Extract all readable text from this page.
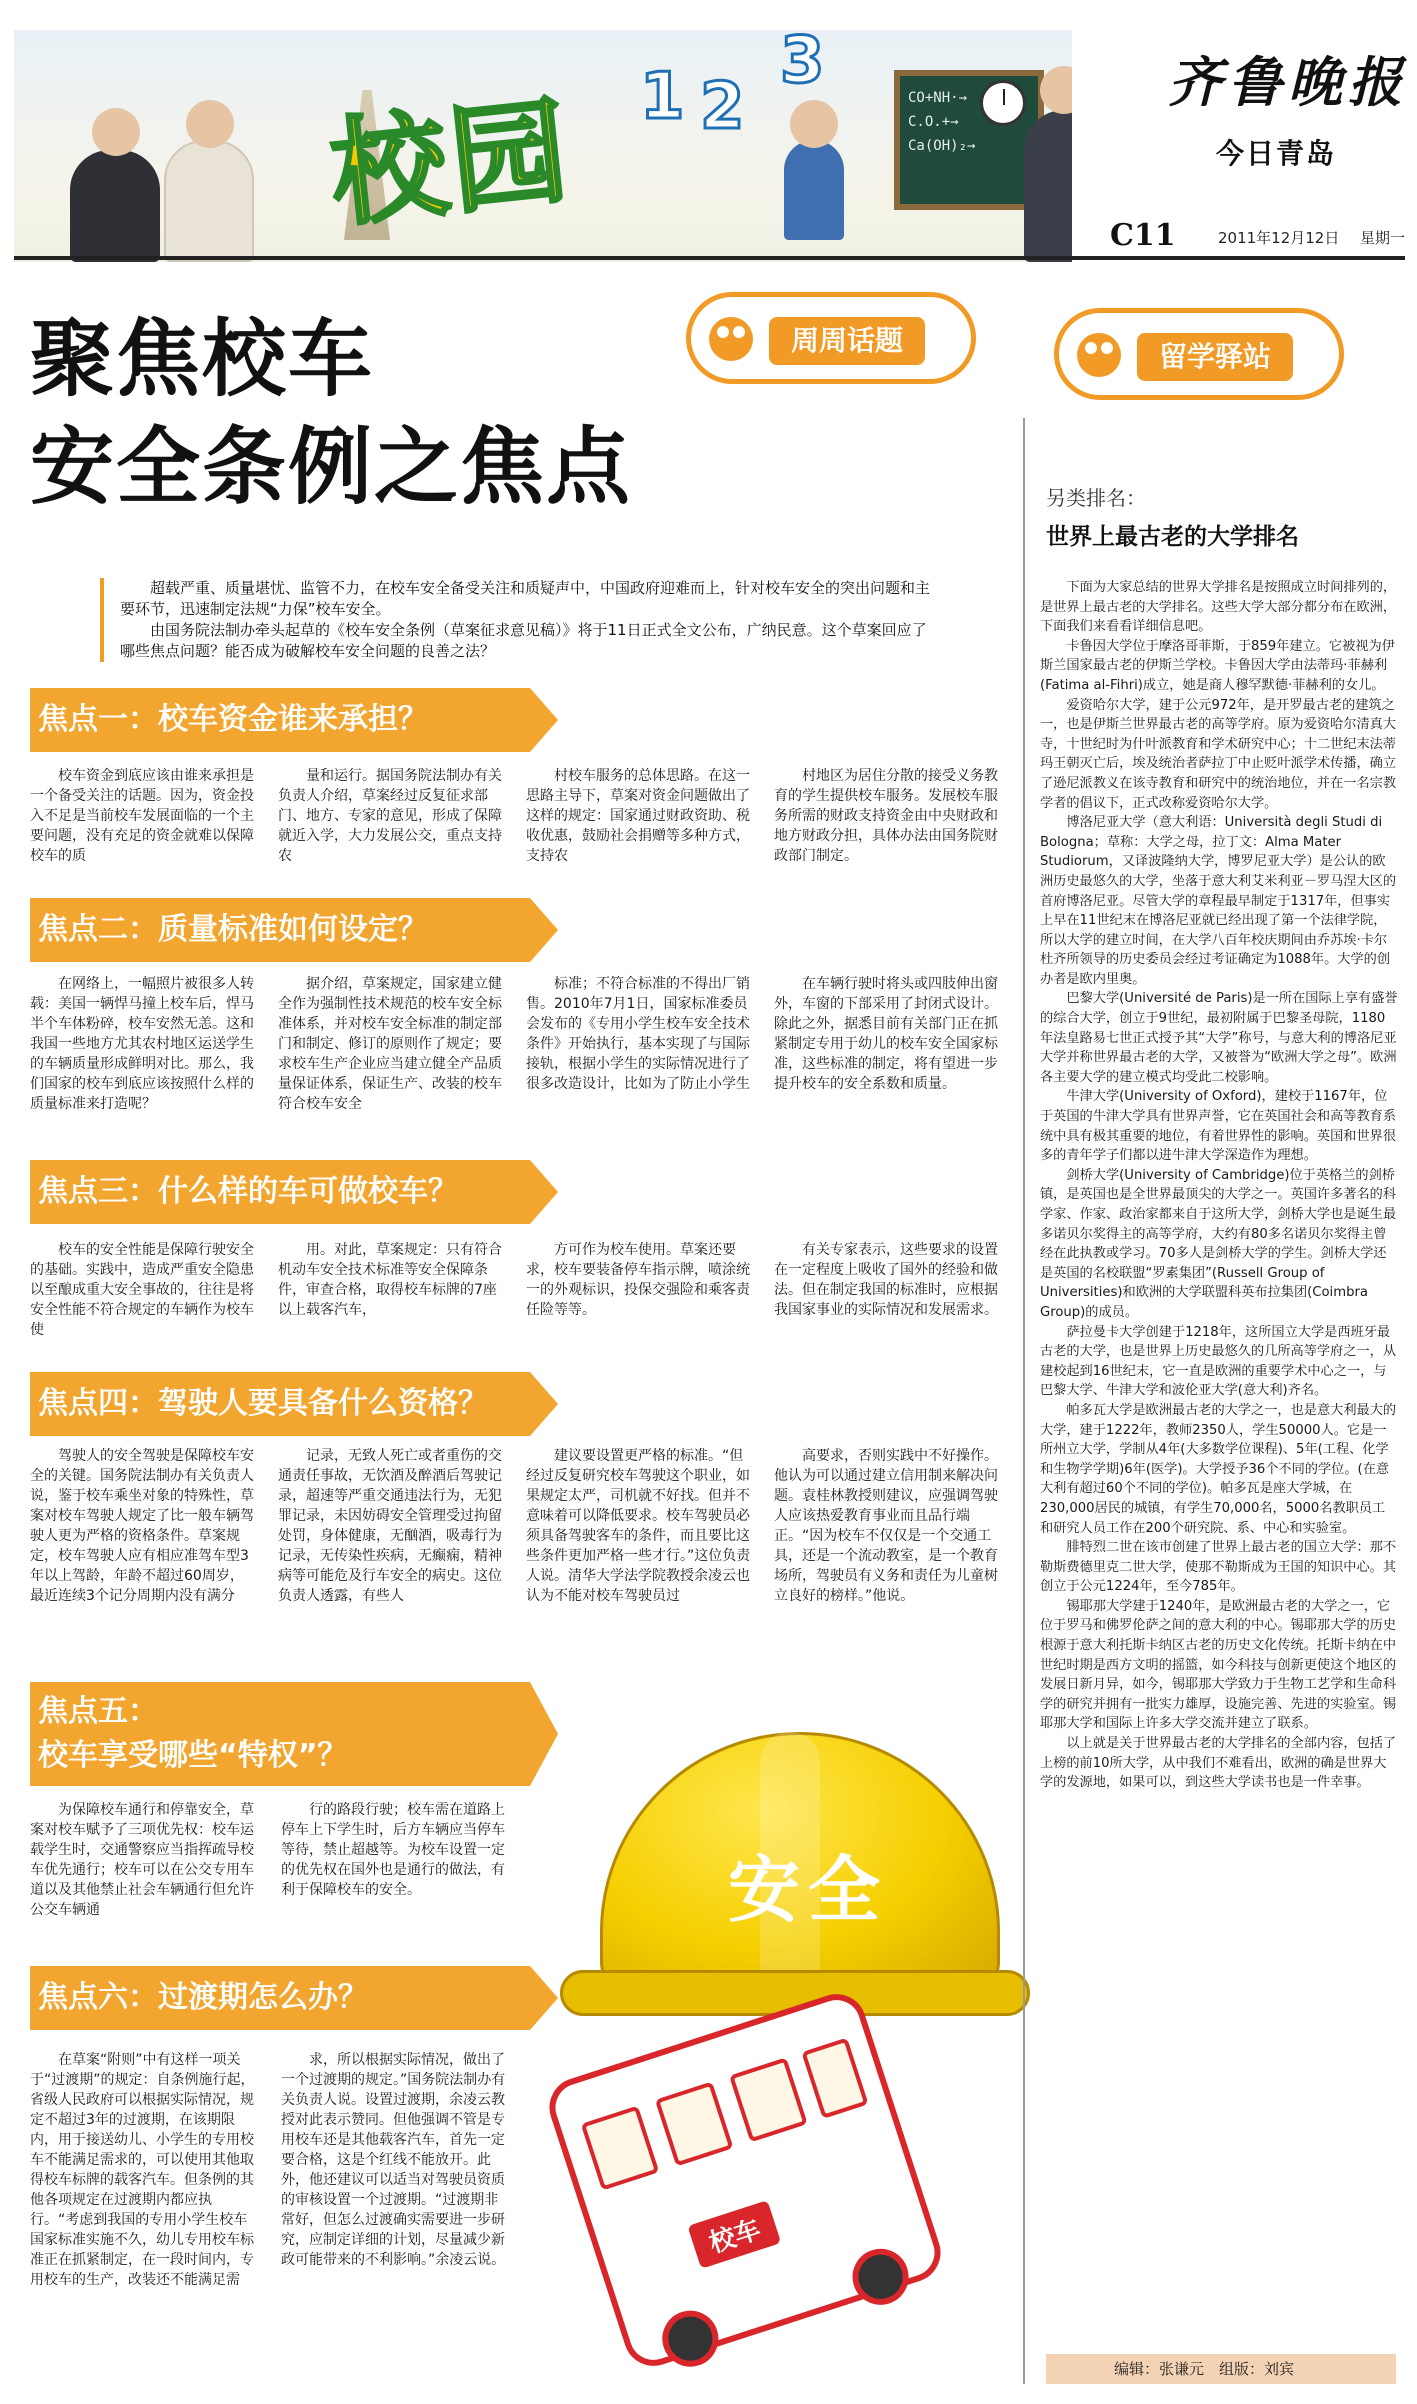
CO+NH·→
C.O.+→
Ca(OH)₂→
校园 1 2
3	齐鲁晚报
今日青岛
C11	2011年12月12日 星期一
聚焦校车
安全条例之焦点
周周话题	留学驿站

超载严重、质量堪忧、监管不力，在校车安全备受关注和质疑声中，中国政府迎难而上，针对校车安全的突出问题和主要环节，迅速制定法规“力保”校车安全。

由国务院法制办牵头起草的《校车安全条例（草案征求意见稿）》将于11日正式全文公布，广纳民意。这个草案回应了哪些焦点问题？能否成为破解校车安全问题的良善之法？

焦点一：校车资金谁来承担？

校车资金到底应该由谁来承担是一个备受关注的话题。因为，资金投入不足是当前校车发展面临的一个主要问题，没有充足的资金就难以保障校车的质

量和运行。据国务院法制办有关负责人介绍，草案经过反复征求部门、地方、专家的意见，形成了保障就近入学，大力发展公交，重点支持农

村校车服务的总体思路。在这一思路主导下，草案对资金问题做出了这样的规定：国家通过财政资助、税收优惠，鼓励社会捐赠等多种方式，支持农

村地区为居住分散的接受义务教育的学生提供校车服务。发展校车服务所需的财政支持资金由中央财政和地方财政分担，具体办法由国务院财政部门制定。

焦点二：质量标准如何设定？

在网络上，一幅照片被很多人转载：美国一辆悍马撞上校车后，悍马半个车体粉碎，校车安然无恙。这和我国一些地方尤其农村地区运送学生的车辆质量形成鲜明对比。那么，我们国家的校车到底应该按照什么样的质量标准来打造呢？

据介绍，草案规定，国家建立健全作为强制性技术规范的校车安全标准体系，并对校车安全标准的制定部门和制定、修订的原则作了规定；要求校车生产企业应当建立健全产品质量保证体系，保证生产、改装的校车符合校车安全

标准；不符合标准的不得出厂销售。2010年7月1日，国家标准委员会发布的《专用小学生校车安全技术条件》开始执行，基本实现了与国际接轨，根据小学生的实际情况进行了很多改造设计，比如为了防止小学生

在车辆行驶时将头或四肢伸出窗外，车窗的下部采用了封闭式设计。除此之外，据悉目前有关部门正在抓紧制定专用于幼儿的校车安全国家标准，这些标准的制定，将有望进一步提升校车的安全系数和质量。

焦点三：什么样的车可做校车？

校车的安全性能是保障行驶安全的基础。实践中，造成严重安全隐患以至酿成重大安全事故的，往往是将安全性能不符合规定的车辆作为校车使

用。对此，草案规定：只有符合机动车安全技术标准等安全保障条件，审查合格，取得校车标牌的7座以上载客汽车，

方可作为校车使用。草案还要求，校车要装备停车指示牌，喷涂统一的外观标识，投保交强险和乘客责任险等等。

有关专家表示，这些要求的设置在一定程度上吸收了国外的经验和做法。但在制定我国的标准时，应根据我国家事业的实际情况和发展需求。

焦点四：驾驶人要具备什么资格？

驾驶人的安全驾驶是保障校车安全的关键。国务院法制办有关负责人说，鉴于校车乘坐对象的特殊性，草案对校车驾驶人规定了比一般车辆驾驶人更为严格的资格条件。草案规定，校车驾驶人应有相应准驾车型3年以上驾龄，年龄不超过60周岁，最近连续3个记分周期内没有满分

记录，无致人死亡或者重伤的交通责任事故，无饮酒及醉酒后驾驶记录，超速等严重交通违法行为，无犯罪记录，未因妨碍安全管理受过拘留处罚，身体健康，无酗酒，吸毒行为记录，无传染性疾病，无癫痫，精神病等可能危及行车安全的病史。这位负责人透露，有些人

建议要设置更严格的标准。“但经过反复研究校车驾驶这个职业，如果规定太严，司机就不好找。但并不意味着可以降低要求。校车驾驶员必须具备驾驶客车的条件，而且要比这些条件更加严格一些才行。”这位负责人说。清华大学法学院教授余凌云也认为不能对校车驾驶员过

高要求，否则实践中不好操作。他认为可以通过建立信用制来解决问题。袁桂林教授则建议，应强调驾驶人应该热爱教育事业而且品行端正。“因为校车不仅仅是一个交通工具，还是一个流动教室，是一个教育场所，驾驶员有义务和责任为儿童树立良好的榜样。”他说。

焦点五：
校车享受哪些“特权”？

为保障校车通行和停靠安全，草案对校车赋予了三项优先权：校车运载学生时，交通警察应当指挥疏导校车优先通行；校车可以在公交专用车道以及其他禁止社会车辆通行但允许公交车辆通

行的路段行驶；校车需在道路上停车上下学生时，后方车辆应当停车等待，禁止超越等。为校车设置一定的优先权在国外也是通行的做法，有利于保障校车的安全。

焦点六：过渡期怎么办？

在草案“附则”中有这样一项关于“过渡期”的规定：自条例施行起，省级人民政府可以根据实际情况，规定不超过3年的过渡期，在该期限内，用于接送幼儿、小学生的专用校车不能满足需求的，可以使用其他取得校车标牌的载客汽车。但条例的其他各项规定在过渡期内都应执行。“考虑到我国的专用小学生校车国家标准实施不久，幼儿专用校车标准正在抓紧制定，在一段时间内，专用校车的生产，改装还不能满足需

求，所以根据实际情况，做出了一个过渡期的规定。”国务院法制办有关负责人说。设置过渡期，余凌云教授对此表示赞同。但他强调不管是专用校车还是其他载客汽车，首先一定要合格，这是个红线不能放开。此外，他还建议可以适当对驾驶员资质的审核设置一个过渡期。“过渡期非常好，但怎么过渡确实需要进一步研究，应制定详细的计划，尽量减少新政可能带来的不利影响。”余凌云说。

安全
校车
另类排名：
世界上最古老的大学排名

下面为大家总结的世界大学排名是按照成立时间排列的，是世界上最古老的大学排名。这些大学大部分都分布在欧洲，下面我们来看看详细信息吧。

卡鲁因大学位于摩洛哥菲斯，于859年建立。它被视为伊斯兰国家最古老的伊斯兰学校。卡鲁因大学由法蒂玛·菲赫利(Fatima al-Fihri)成立，她是商人穆罕默德·菲赫利的女儿。

爱资哈尔大学，建于公元972年，是开罗最古老的建筑之一，也是伊斯兰世界最古老的高等学府。原为爱资哈尔清真大寺，十世纪时为什叶派教育和学术研究中心；十二世纪末法蒂玛王朝灭亡后，埃及统治者萨拉丁中止贬叶派学术传播，确立了逊尼派教义在该寺教育和研究中的统治地位，并在一名宗教学者的倡议下，正式改称爱资哈尔大学。

博洛尼亚大学（意大利语：Università degli Studi di Bologna；草称：大学之母，拉丁文：Alma Mater Studiorum，又译波隆纳大学，博罗尼亚大学）是公认的欧洲历史最悠久的大学，坐落于意大利艾米利亚－罗马涅大区的首府博洛尼亚。尽管大学的章程最早制定于1317年，但事实上早在11世纪末在博洛尼亚就已经出现了第一个法律学院，所以大学的建立时间，在大学八百年校庆期间由乔苏埃·卡尔杜齐所领导的历史委员会经过考证确定为1088年。大学的创办者是欧内里奥。

巴黎大学(Université de Paris)是一所在国际上享有盛誉的综合大学，创立于9世纪，最初附属于巴黎圣母院，1180年法皇路易七世正式授予其“大学”称号，与意大利的博洛尼亚大学并称世界最古老的大学，又被誉为“欧洲大学之母”。欧洲各主要大学的建立模式均受此二校影响。

牛津大学(University of Oxford)，建校于1167年，位于英国的牛津大学具有世界声誉，它在英国社会和高等教育系统中具有极其重要的地位，有着世界性的影响。英国和世界很多的青年学子们都以进牛津大学深造作为理想。

剑桥大学(University of Cambridge)位于英格兰的剑桥镇，是英国也是全世界最顶尖的大学之一。英国许多著名的科学家、作家、政治家都来自于这所大学，剑桥大学也是诞生最多诺贝尔奖得主的高等学府，大约有80多名诺贝尔奖得主曾经在此执教或学习。70多人是剑桥大学的学生。剑桥大学还是英国的名校联盟“罗素集团”(Russell Group of Universities)和欧洲的大学联盟科英布拉集团(Coimbra Group)的成员。

萨拉曼卡大学创建于1218年，这所国立大学是西班牙最古老的大学，也是世界上历史最悠久的几所高等学府之一，从建校起到16世纪末，它一直是欧洲的重要学术中心之一，与巴黎大学、牛津大学和波伦亚大学(意大利)齐名。

帕多瓦大学是欧洲最古老的大学之一，也是意大利最大的大学，建于1222年，教师2350人，学生50000人。它是一所州立大学，学制从4年(大多数学位课程)、5年(工程、化学和生物学学期)6年(医学)。大学授予36个不同的学位。(在意大利有超过60个不同的学位)。帕多瓦是座大学城，在230,000居民的城镇，有学生70,000名，5000名教职员工和研究人员工作在200个研究院、系、中心和实验室。

腓特烈二世在该市创建了世界上最古老的国立大学：那不勒斯费德里克二世大学，使那不勒斯成为王国的知识中心。其创立于公元1224年，至今785年。

锡耶那大学建于1240年，是欧洲最古老的大学之一，它位于罗马和佛罗伦萨之间的意大利的中心。锡耶那大学的历史根源于意大利托斯卡纳区古老的历史文化传统。托斯卡纳在中世纪时期是西方文明的摇篮，如今科技与创新更使这个地区的发展日新月异，如今，锡耶那大学致力于生物工艺学和生命科学的研究并拥有一批实力雄厚，设施完善、先进的实验室。锡耶那大学和国际上许多大学交流并建立了联系。

以上就是关于世界最古老的大学排名的全部内容，包括了上榜的前10所大学，从中我们不难看出，欧洲的确是世界大学的发源地，如果可以，到这些大学读书也是一件幸事。

编辑：张谦元　组版：刘宾
